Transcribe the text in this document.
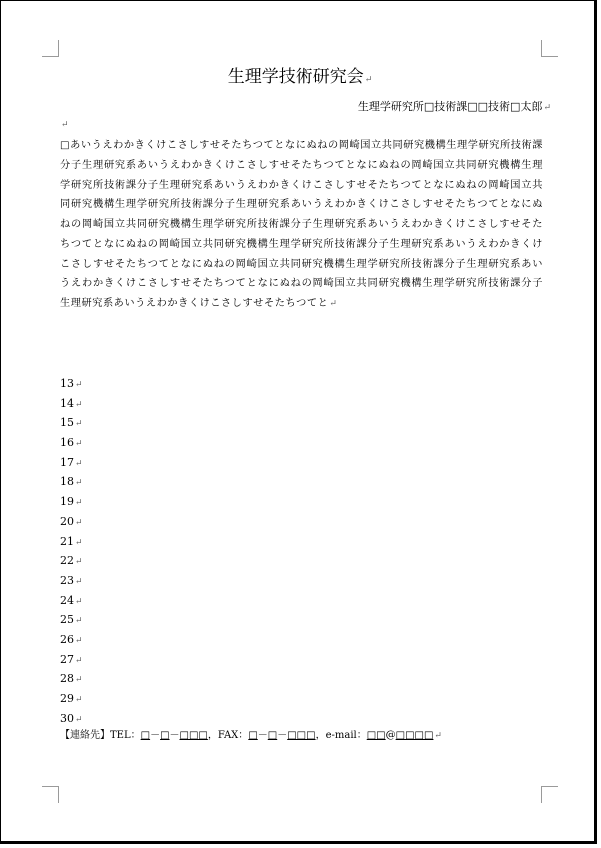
生理学技術研究会↵
生理学研究所□技術課□□技術□太郎↵
↵
□あいうえわかきくけこさしすせそたちつてとなにぬねの岡崎国立共同研究機構生理学研究所技術課分子生理研究系あいうえわかきくけこさしすせそたちつてとなにぬねの岡崎国立共同研究機構生理学研究所技術課分子生理研究系あいうえわかきくけこさしすせそたちつてとなにぬねの岡崎国立共同研究機構生理学研究所技術課分子生理研究系あいうえわかきくけこさしすせそたちつてとなにぬねの岡崎国立共同研究機構生理学研究所技術課分子生理研究系あいうえわかきくけこさしすせそたちつてとなにぬねの岡崎国立共同研究機構生理学研究所技術課分子生理研究系あいうえわかきくけこさしすせそたちつてとなにぬねの岡崎国立共同研究機構生理学研究所技術課分子生理研究系あいうえわかきくけこさしすせそたちつてとなにぬねの岡崎国立共同研究機構生理学研究所技術課分子生理研究系あいうえわかきくけこさしすせそたちつてと↵
13↵
14↵
15↵
16↵
17↵
18↵
19↵
20↵
21↵
22↵
23↵
24↵
25↵
26↵
27↵
28↵
29↵
30↵
【連絡先】TEL：□－□－□□□，FAX：□－□－□□□，e-mail：□□@□□□□↵
